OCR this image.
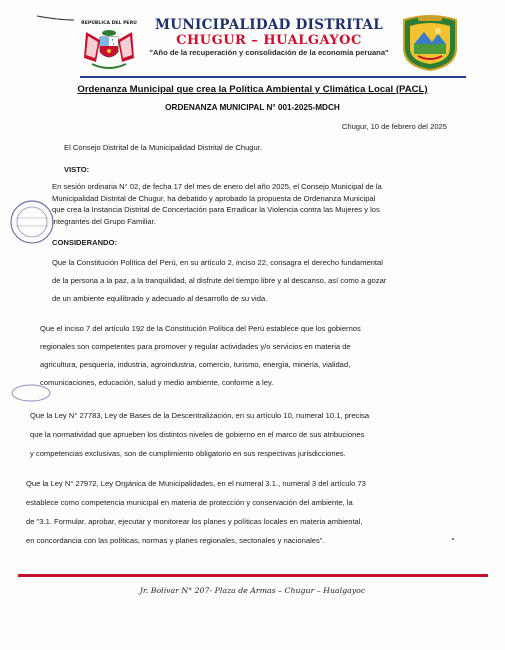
REPÚBLICA DEL PERÚ	MUNICIPALIDAD DISTRITAL
CHUGUR – HUALGAYOC
"Año de la recuperación y consolidación de la economía peruana"
Ordenanza Municipal que crea la Política Ambiental y Climática Local (PACL)
ORDENANZA MUNICIPAL N° 001-2025-MDCH
Chugur, 10 de febrero del 2025
El Consejo Distrital de la Municipalidad Distrital de Chugur.
VISTO:
En sesión ordinaria N° 02, de fecha 17 del mes de enero del año 2025, el Consejo Municipal de la
Municipalidad Distrital de Chugur, ha debatido y aprobado la propuesta de Ordenanza Municipal
que crea la Instancia Distrital de Concertación para Erradicar la Violencia contra las Mujeres y los
integrantes del Grupo Familiar.
CONSIDERANDO:
Que la Constitución Política del Perú, en su artículo 2, inciso 22, consagra el derecho fundamental
de la persona a la paz, a la tranquilidad, al disfrute del tiempo libre y al descanso, así como a gozar
de un ambiente equilibrado y adecuado al desarrollo de su vida.
Que el inciso 7 del artículo 192 de la Constitución Política del Perú establece que los gobiernos
regionales son competentes para promover y regular actividades y/o servicios en materia de
agricultura, pesquería, industria, agroindustria, comercio, turismo, energía, minería, vialidad,
comunicaciones, educación, salud y medio ambiente, conforme a ley.
Que la Ley N° 27783, Ley de Bases de la Descentralización, en su artículo 10, numeral 10.1, precisa
que la normatividad que aprueben los distintos niveles de gobierno en el marco de sus atribuciones
y competencias exclusivas, son de cumplimiento obligatorio en sus respectivas jurisdicciones.
Que la Ley N° 27972, Ley Orgánica de Municipalidades, en el numeral 3.1., numeral 3 del artículo 73
establece como competencia municipal en materia de protección y conservación del ambiente, la
de "3.1. Formular, aprobar, ejecutar y monitorear los planes y políticas locales en materia ambiental,
en concordancia con las políticas, normas y planes regionales, sectoriales y nacionales".
Jr. Bolívar N° 207- Plaza de Armas – Chugur – Hualgayoc
